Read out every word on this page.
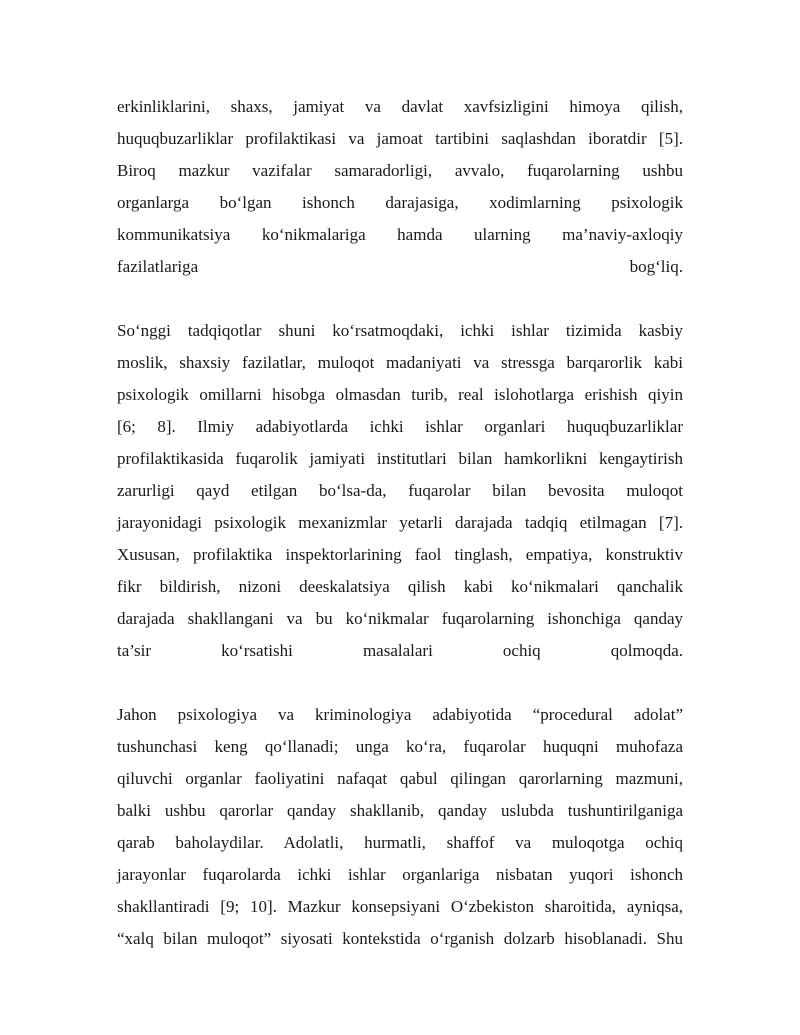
erkinliklarini, shaxs, jamiyat va davlat xavfsizligini himoya qilish,
huquqbuzarliklar profilaktikasi va jamoat tartibini saqlashdan iboratdir [5].
Biroq mazkur vazifalar samaradorligi, avvalo, fuqarolarning ushbu
organlarga bo‘lgan ishonch darajasiga, xodimlarning psixologik
kommunikatsiya ko‘nikmalariga hamda ularning ma’naviy-axloqiy
fazilatlariga bog‘liq.
So‘nggi tadqiqotlar shuni ko‘rsatmoqdaki, ichki ishlar tizimida kasbiy
moslik, shaxsiy fazilatlar, muloqot madaniyati va stressga barqarorlik kabi
psixologik omillarni hisobga olmasdan turib, real islohotlarga erishish qiyin
[6; 8]. Ilmiy adabiyotlarda ichki ishlar organlari huquqbuzarliklar
profilaktikasida fuqarolik jamiyati institutlari bilan hamkorlikni kengaytirish
zarurligi qayd etilgan bo‘lsa-da, fuqarolar bilan bevosita muloqot
jarayonidagi psixologik mexanizmlar yetarli darajada tadqiq etilmagan [7].
Xususan, profilaktika inspektorlarining faol tinglash, empatiya, konstruktiv
fikr bildirish, nizoni deeskalatsiya qilish kabi ko‘nikmalari qanchalik
darajada shakllangani va bu ko‘nikmalar fuqarolarning ishonchiga qanday
ta’sir ko‘rsatishi masalalari ochiq qolmoqda.
Jahon psixologiya va kriminologiya adabiyotida “procedural adolat”
tushunchasi keng qo‘llanadi; unga ko‘ra, fuqarolar huquqni muhofaza
qiluvchi organlar faoliyatini nafaqat qabul qilingan qarorlarning mazmuni,
balki ushbu qarorlar qanday shakllanib, qanday uslubda tushuntirilganiga
qarab baholaydilar. Adolatli, hurmatli, shaffof va muloqotga ochiq
jarayonlar fuqarolarda ichki ishlar organlariga nisbatan yuqori ishonch
shakllantiradi [9; 10]. Mazkur konsepsiyani O‘zbekiston sharoitida, ayniqsa,
“xalq bilan muloqot” siyosati kontekstida o‘rganish dolzarb hisoblanadi. Shu
